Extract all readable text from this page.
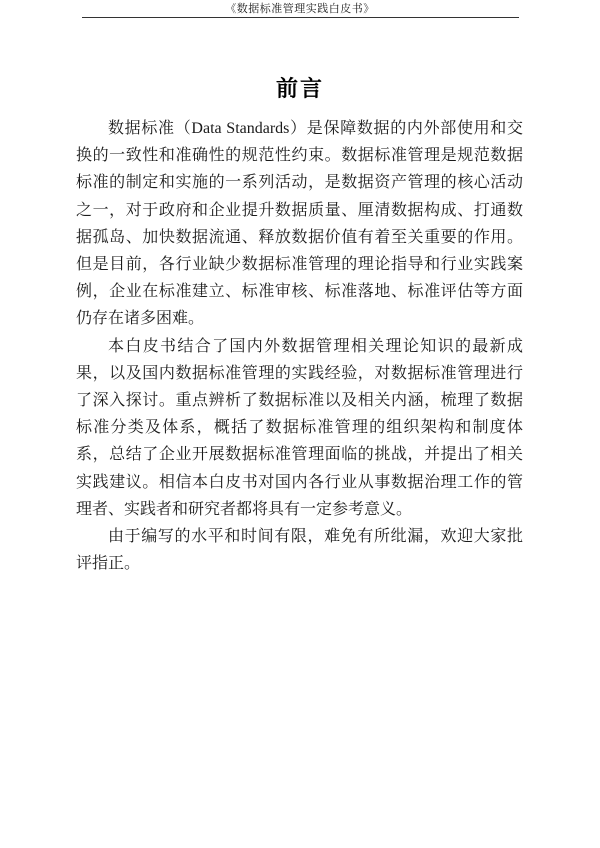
《数据标准管理实践白皮书》
前言

数据标准（Data Standards）是保障数据的内外部使用和交换的一致性和准确性的规范性约束。数据标准管理是规范数据标准的制定和实施的一系列活动，是数据资产管理的核心活动之一，对于政府和企业提升数据质量、厘清数据构成、打通数据孤岛、加快数据流通、释放数据价值有着至关重要的作用。但是目前，各行业缺少数据标准管理的理论指导和行业实践案例，企业在标准建立、标准审核、标准落地、标准评估等方面仍存在诸多困难。

本白皮书结合了国内外数据管理相关理论知识的最新成果，以及国内数据标准管理的实践经验，对数据标准管理进行了深入探讨。重点辨析了数据标准以及相关内涵，梳理了数据标准分类及体系，概括了数据标准管理的组织架构和制度体系，总结了企业开展数据标准管理面临的挑战，并提出了相关实践建议。相信本白皮书对国内各行业从事数据治理工作的管理者、实践者和研究者都将具有一定参考意义。

由于编写的水平和时间有限，难免有所纰漏，欢迎大家批评指正。
